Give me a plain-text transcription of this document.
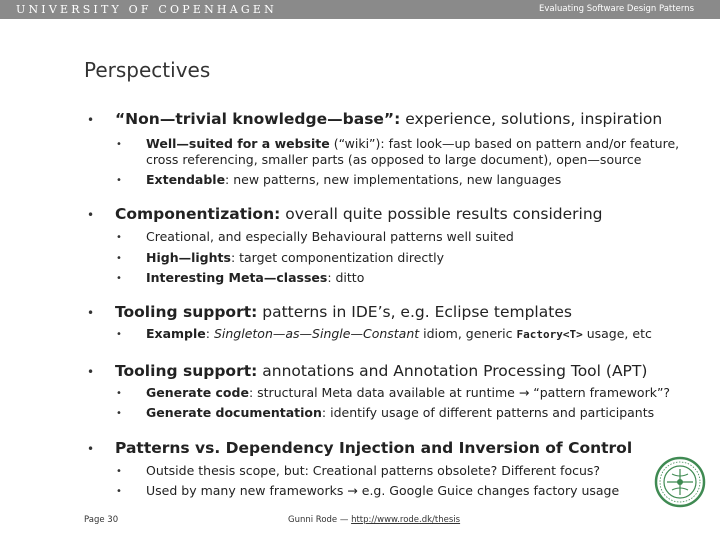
UNIVERSITY OF COPENHAGEN	Evaluating Software Design Patterns
Perspectives
• “Non—trivial knowledge—base”: experience, solutions, inspiration
• Well—suited for a website (“wiki”): fast look—up based on pattern and/or feature,
cross referencing, smaller parts (as opposed to large document), open—source
• Extendable: new patterns, new implementations, new languages
• Componentization: overall quite possible results considering
• Creational, and especially Behavioural patterns well suited
• High—lights: target componentization directly
• Interesting Meta—classes: ditto
• Tooling support: patterns in IDE’s, e.g. Eclipse templates
• Example: Singleton—as—Single—Constant idiom, generic Factory<T> usage, etc
• Tooling support: annotations and Annotation Processing Tool (APT)
• Generate code: structural Meta data available at runtime → “pattern framework”?
• Generate documentation: identify usage of different patterns and participants
• Patterns vs. Dependency Injection and Inversion of Control
• Outside thesis scope, but: Creational patterns obsolete? Different focus?
• Used by many new frameworks → e.g. Google Guice changes factory usage
Page 30	Gunni Rode — http://www.rode.dk/thesis
